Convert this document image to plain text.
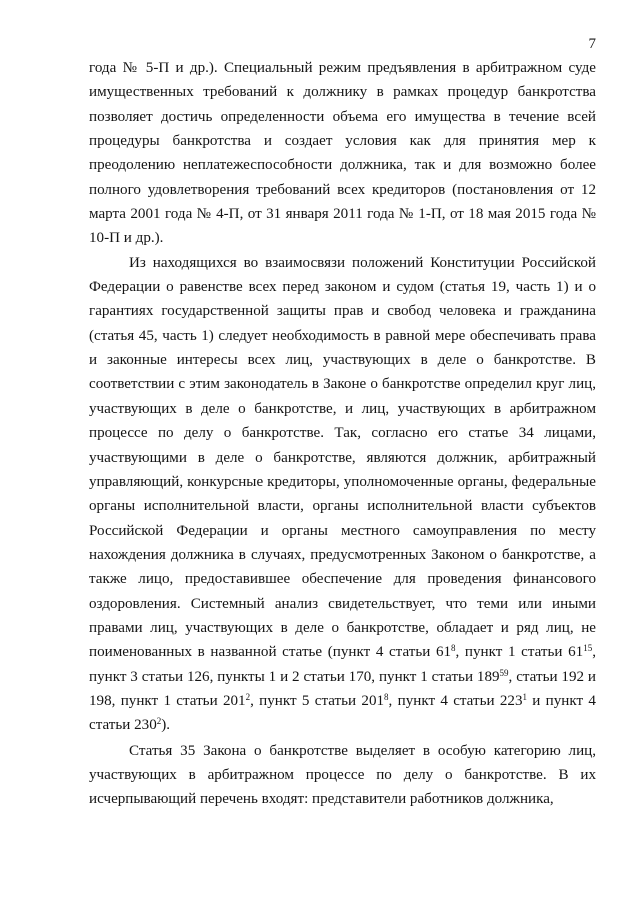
7

года № 5-П и др.). Специальный режим предъявления в арбитражном суде имущественных требований к должнику в рамках процедур банкротства позволяет достичь определенности объема его имущества в течение всей процедуры банкротства и создает условия как для принятия мер к преодолению неплатежеспособности должника, так и для возможно более полного удовлетворения требований всех кредиторов (постановления от 12 марта 2001 года № 4-П, от 31 января 2011 года № 1-П, от 18 мая 2015 года № 10-П и др.).

Из находящихся во взаимосвязи положений Конституции Российской Федерации о равенстве всех перед законом и судом (статья 19, часть 1) и о гарантиях государственной защиты прав и свобод человека и гражданина (статья 45, часть 1) следует необходимость в равной мере обеспечивать права и законные интересы всех лиц, участвующих в деле о банкротстве. В соответствии с этим законодатель в Законе о банкротстве определил круг лиц, участвующих в деле о банкротстве, и лиц, участвующих в арбитражном процессе по делу о банкротстве. Так, согласно его статье 34 лицами, участвующими в деле о банкротстве, являются должник, арбитражный управляющий, конкурсные кредиторы, уполномоченные органы, федеральные органы исполнительной власти, органы исполнительной власти субъектов Российской Федерации и органы местного самоуправления по месту нахождения должника в случаях, предусмотренных Законом о банкротстве, а также лицо, предоставившее обеспечение для проведения финансового оздоровления. Системный анализ свидетельствует, что теми или иными правами лиц, участвующих в деле о банкротстве, обладает и ряд лиц, не поименованных в названной статье (пункт 4 статьи $61^8$, пункт 1 статьи $61^{15}$, пункт 3 статьи 126, пункты 1 и 2 статьи 170, пункт 1 статьи $189^{59}$, статьи 192 и 198, пункт 1 статьи $201^2$, пункт 5 статьи $201^8$, пункт 4 статьи $223^1$ и пункт 4 статьи $230^2$).

Статья 35 Закона о банкротстве выделяет в особую категорию лиц, участвующих в арбитражном процессе по делу о банкротстве. В их исчерпывающий перечень входят: представители работников должника,
